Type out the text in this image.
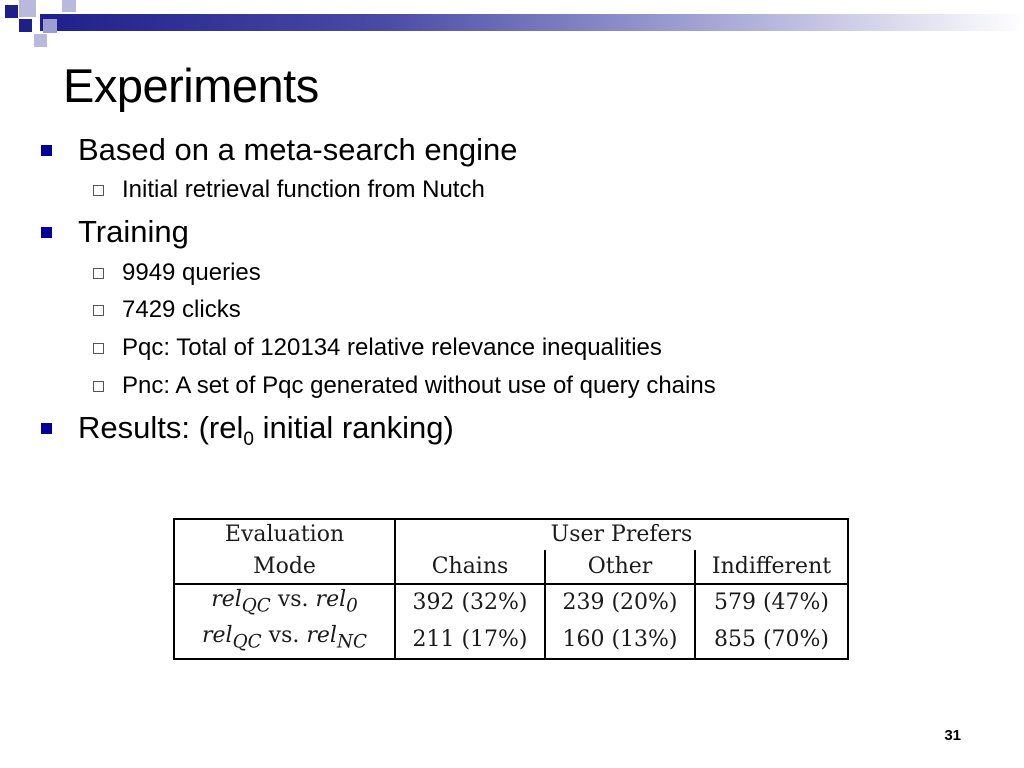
Experiments
Based on a meta-search engine
Initial retrieval function from Nutch
Training
9949 queries
7429 clicks
Pqc: Total of 120134 relative relevance inequalities
Pnc: A set of Pqc generated without use of query chains
Results: (rel$_0$ initial ranking)
Evaluation	User Prefers		
Mode	Chains	Other	Indifferent
rel$_{QC}$ vs. rel$_0$	392 (32%)	239 (20%)	579 (47%)
rel$_{QC}$ vs. rel$_{NC}$	211 (17%)	160 (13%)	855 (70%)
31
